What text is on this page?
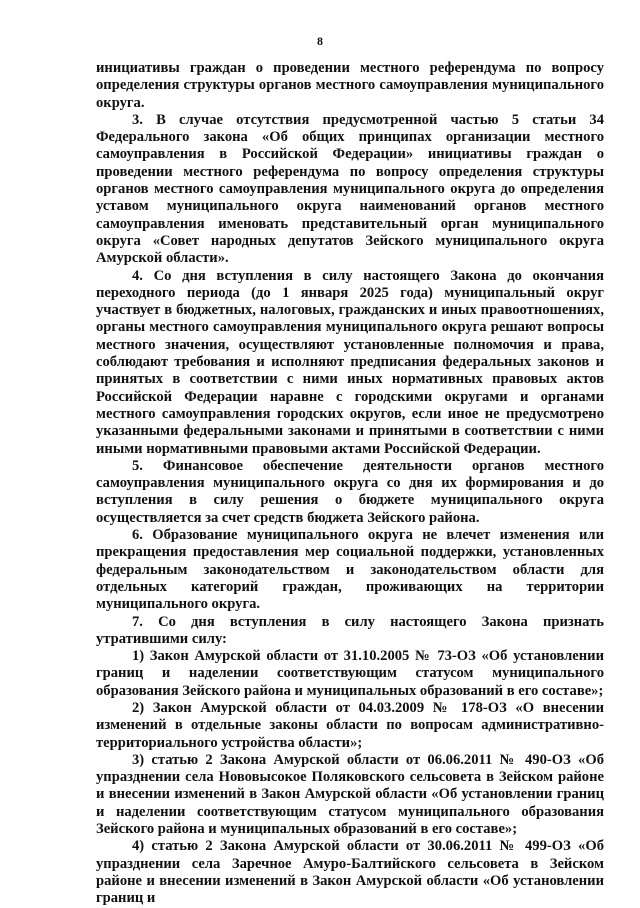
8

инициативы граждан о проведении местного референдума по вопросу определения структуры органов местного самоуправления муниципального округа.

3. В случае отсутствия предусмотренной частью 5 статьи 34 Федерального закона «Об общих принципах организации местного самоуправления в Российской Федерации» инициативы граждан о проведении местного референдума по вопросу определения структуры органов местного самоуправления муниципального округа до определения уставом муниципального округа наименований органов местного самоуправления именовать представительный орган муниципального округа «Совет народных депутатов Зейского муниципального округа Амурской области».

4. Со дня вступления в силу настоящего Закона до окончания переходного периода (до 1 января 2025 года) муниципальный округ участвует в бюджетных, налоговых, гражданских и иных правоотношениях, органы местного самоуправления муниципального округа решают вопросы местного значения, осуществляют установленные полномочия и права, соблюдают требования и исполняют предписания федеральных законов и принятых в соответствии с ними иных нормативных правовых актов Российской Федерации наравне с городскими округами и органами местного самоуправления городских округов, если иное не предусмотрено указанными федеральными законами и принятыми в соответствии с ними иными нормативными правовыми актами Российской Федерации.

5. Финансовое обеспечение деятельности органов местного самоуправления муниципального округа со дня их формирования и до вступления в силу решения о бюджете муниципального округа осуществляется за счет средств бюджета Зейского района.

6. Образование муниципального округа не влечет изменения или прекращения предоставления мер социальной поддержки, установленных федеральным законодательством и законодательством области для отдельных категорий граждан, проживающих на территории муниципального округа.

7. Со дня вступления в силу настоящего Закона признать утратившими силу:

1) Закон Амурской области от 31.10.2005 № 73-ОЗ «Об установлении границ и наделении соответствующим статусом муниципального образования Зейского района и муниципальных образований в его составе»;

2) Закон Амурской области от 04.03.2009 № 178-ОЗ «О внесении изменений в отдельные законы области по вопросам административно-территориального устройства области»;

3) статью 2 Закона Амурской области от 06.06.2011 № 490-ОЗ «Об упразднении села Нововысокое Поляковского сельсовета в Зейском районе и внесении изменений в Закон Амурской области «Об установлении границ и наделении соответствующим статусом муниципального образования Зейского района и муниципальных образований в его составе»;

4) статью 2 Закона Амурской области от 30.06.2011 № 499-ОЗ «Об упразднении села Заречное Амуро-Балтийского сельсовета в Зейском районе и внесении изменений в Закон Амурской области «Об установлении границ и
